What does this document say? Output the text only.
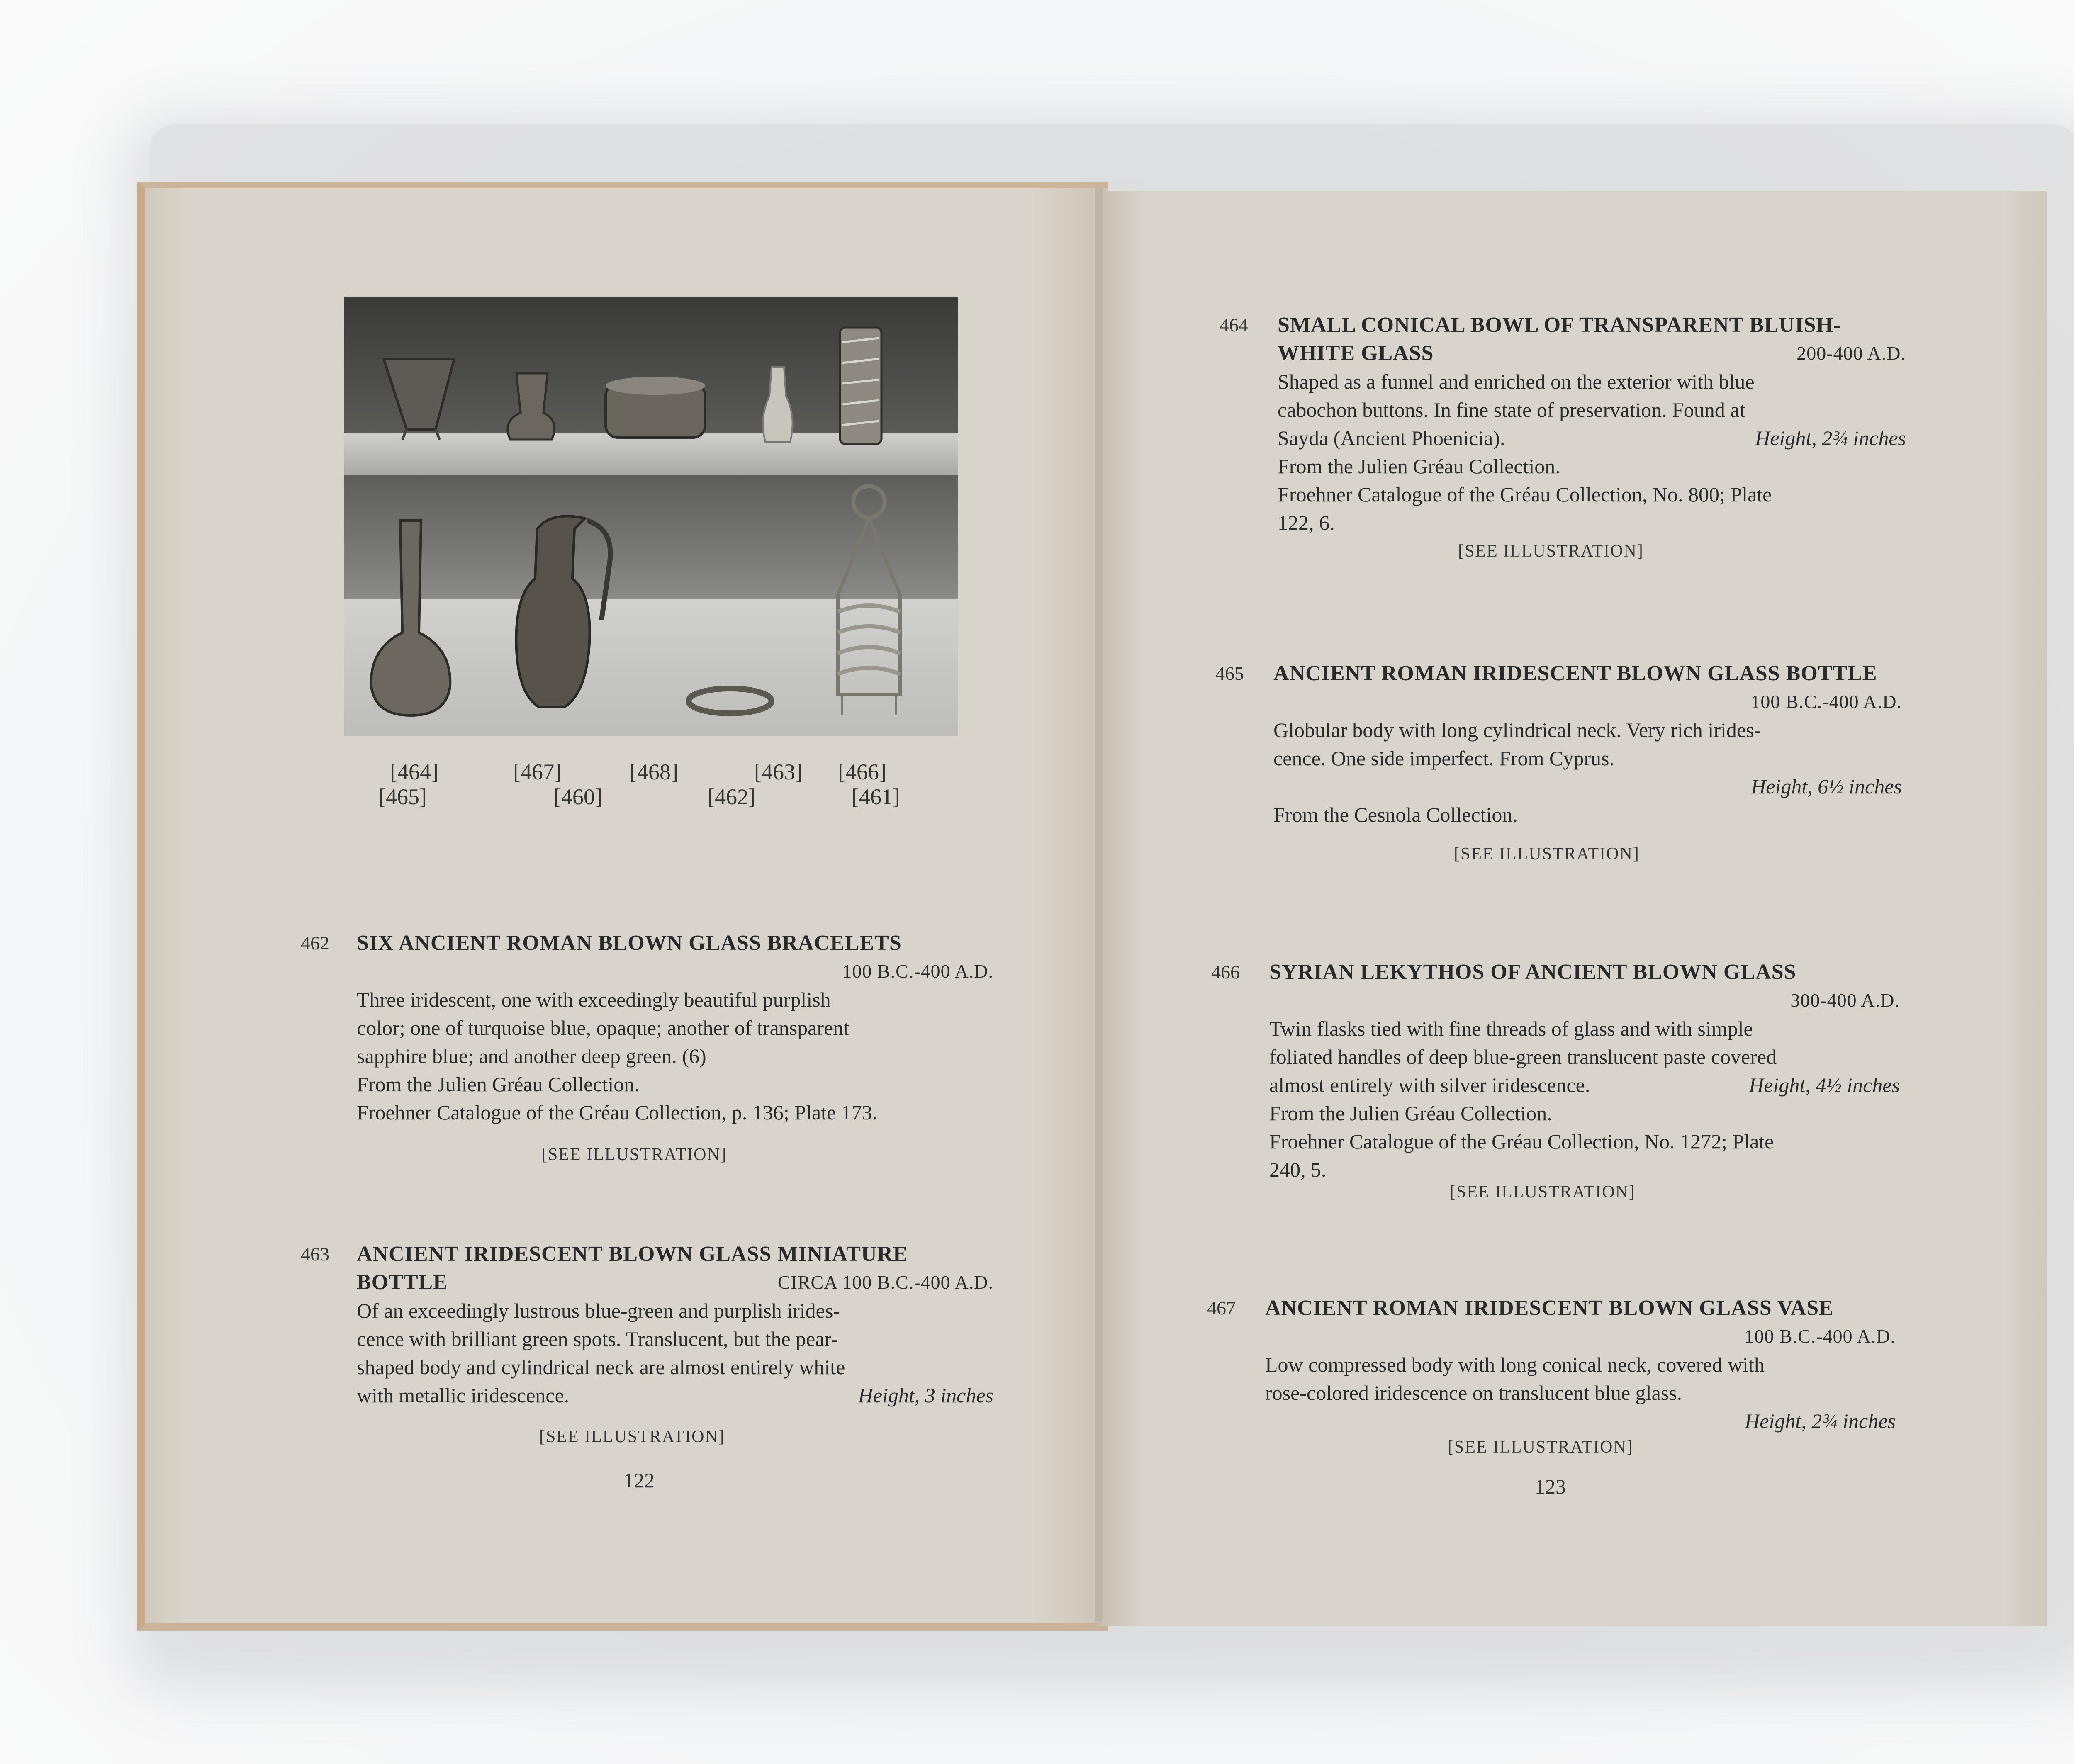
[464]	[467]	[468]	[463] [466]
[465]	[460]	[462]	[461]
462 SIX ANCIENT ROMAN BLOWN GLASS BRACELETS
100 B.C.-400 A.D.
Three iridescent, one with exceedingly beautiful purplish
color; one of turquoise blue, opaque; another of transparent
sapphire blue; and another deep green. (6)
From the Julien Gréau Collection.
Froehner Catalogue of the Gréau Collection, p. 136; Plate 173.
[SEE ILLUSTRATION]
463 ANCIENT IRIDESCENT BLOWN GLASS MINIATURE
BOTTLE	CIRCA 100 B.C.-400 A.D.
Of an exceedingly lustrous blue-green and purplish irides-
cence with brilliant green spots. Translucent, but the pear-
shaped body and cylindrical neck are almost entirely white
with metallic iridescence.	Height, 3 inches
[SEE ILLUSTRATION]
122
464 SMALL CONICAL BOWL OF TRANSPARENT BLUISH-
WHITE GLASS	200-400 A.D.
Shaped as a funnel and enriched on the exterior with blue
cabochon buttons. In fine state of preservation. Found at
Sayda (Ancient Phoenicia).	Height, 2¾ inches
From the Julien Gréau Collection.
Froehner Catalogue of the Gréau Collection, No. 800; Plate
122, 6.
[SEE ILLUSTRATION]
465 ANCIENT ROMAN IRIDESCENT BLOWN GLASS BOTTLE
100 B.C.-400 A.D.
Globular body with long cylindrical neck. Very rich irides-
cence. One side imperfect. From Cyprus.
Height, 6½ inches
From the Cesnola Collection.
[SEE ILLUSTRATION]
466 SYRIAN LEKYTHOS OF ANCIENT BLOWN GLASS
300-400 A.D.
Twin flasks tied with fine threads of glass and with simple
foliated handles of deep blue-green translucent paste covered
almost entirely with silver iridescence.	Height, 4½ inches
From the Julien Gréau Collection.
Froehner Catalogue of the Gréau Collection, No. 1272; Plate
240, 5.
[SEE ILLUSTRATION]
467 ANCIENT ROMAN IRIDESCENT BLOWN GLASS VASE
100 B.C.-400 A.D.
Low compressed body with long conical neck, covered with
rose-colored iridescence on translucent blue glass.
Height, 2¾ inches
[SEE ILLUSTRATION]
123
